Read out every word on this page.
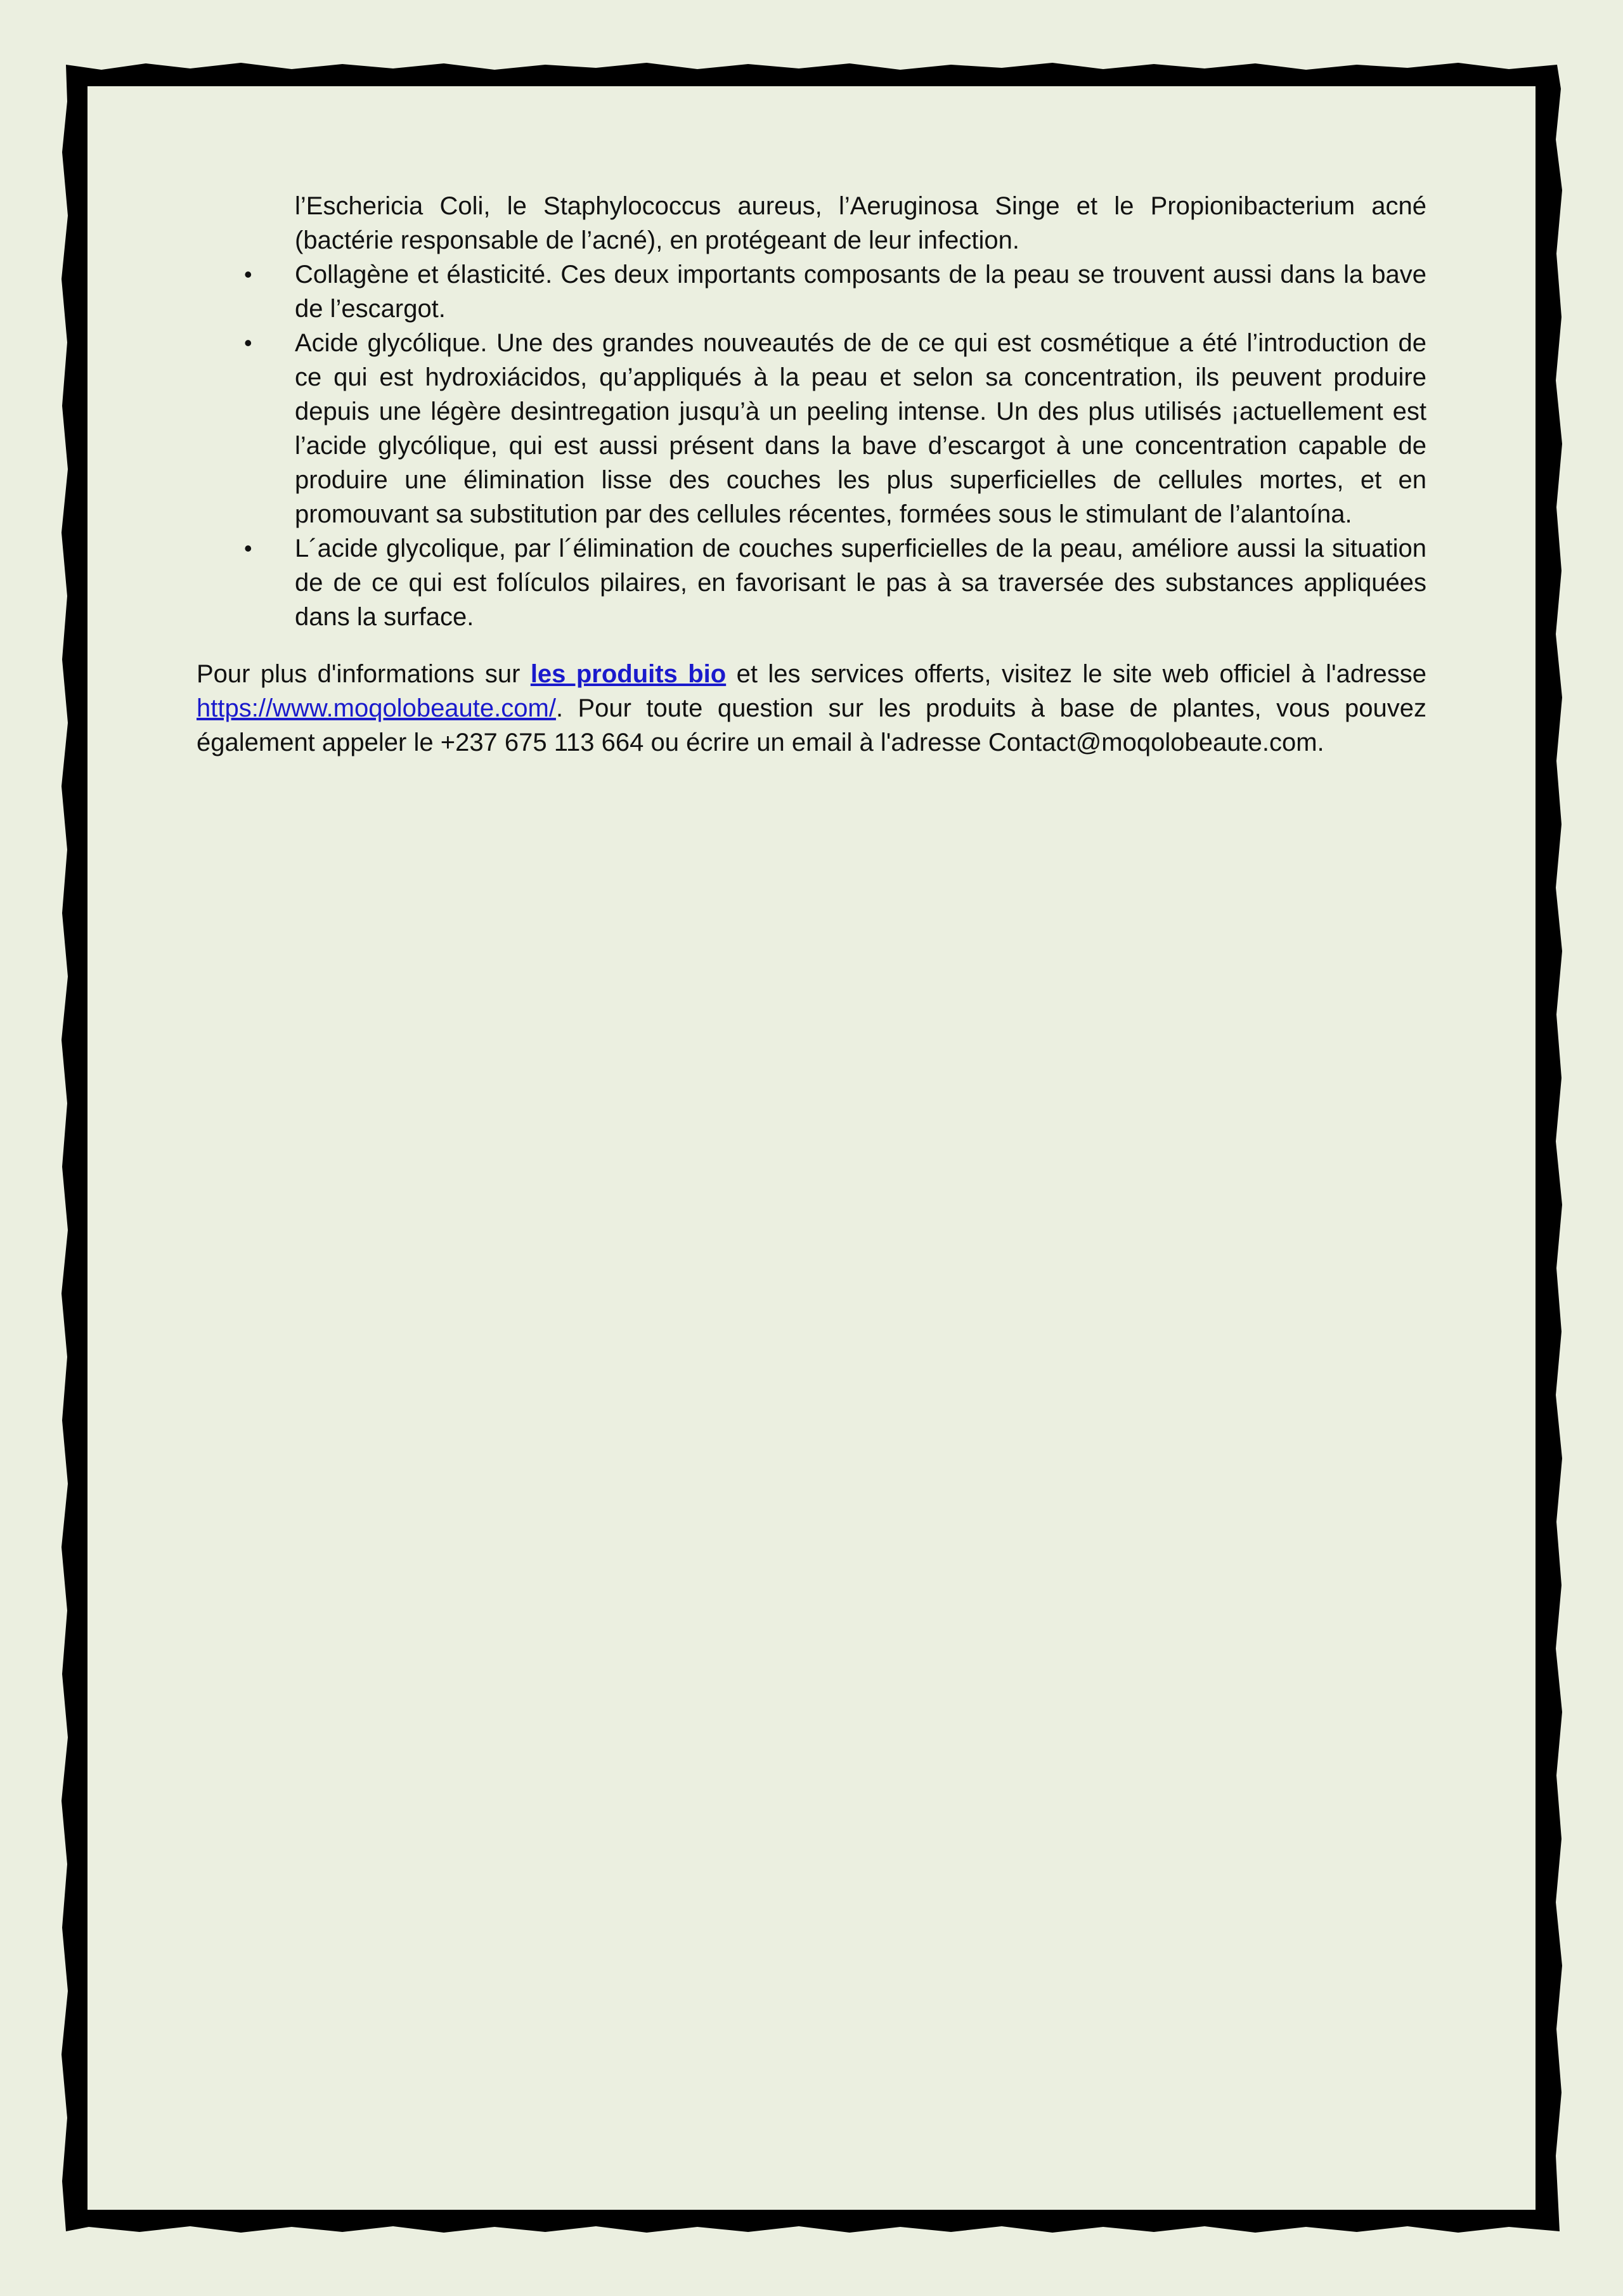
l’Eschericia Coli, le Staphylococcus aureus, l’Aeruginosa Singe et le Propionibacterium acné (bactérie responsable de l’acné), en protégeant de leur infection.

• Collagène et élasticité. Ces deux importants composants de la peau se trouvent aussi dans la bave de l’escargot.
• Acide glycólique. Une des grandes nouveautés de de ce qui est cosmétique a été l’introduction de ce qui est hydroxiácidos, qu’appliqués à la peau et selon sa concentration, ils peuvent produire depuis une légère desintregation jusqu’à un peeling intense. Un des plus utilisés ¡actuellement est l’acide glycólique, qui est aussi présent dans la bave d’escargot à une concentration capable de produire une élimination lisse des couches les plus superficielles de cellules mortes, et en promouvant sa substitution par des cellules récentes, formées sous le stimulant de l’alantoína.
• L´acide glycolique, par l´élimination de couches superficielles de la peau, améliore aussi la situation de de ce qui est folículos pilaires, en favorisant le pas à sa traversée des substances appliquées dans la surface.

Pour plus d'informations sur les produits bio et les services offerts, visitez le site web officiel à l'adresse https://www.moqolobeaute.com/. Pour toute question sur les produits à base de plantes, vous pouvez également appeler le +237 675 113 664 ou écrire un email à l'adresse Contact@moqolobeaute.com.
